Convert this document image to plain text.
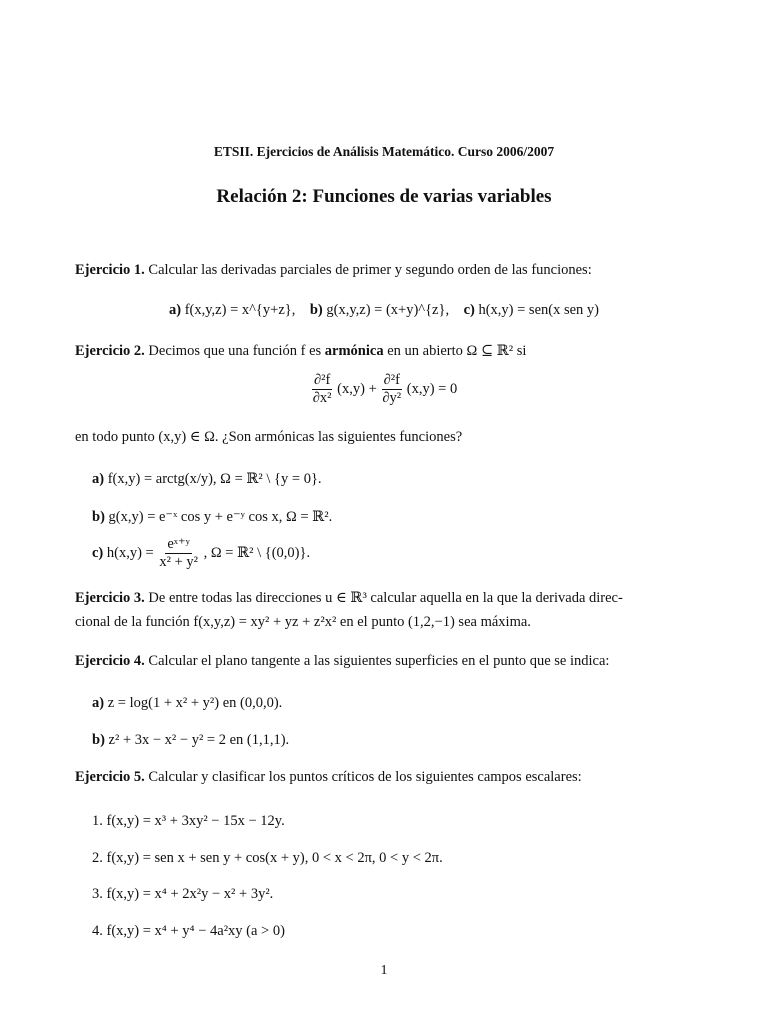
ETSII. Ejercicios de Análisis Matemático. Curso 2006/2007
Relación 2: Funciones de varias variables
Ejercicio 1. Calcular las derivadas parciales de primer y segundo orden de las funciones:
a) f(x,y,z) = x^{y+z}, b) g(x,y,z) = (x+y)^{z}, c) h(x,y) = sen(x sen y)
Ejercicio 2. Decimos que una función f es armónica en un abierto Ω ⊆ ℝ² si
$\frac{\text{∂²f}}{\text{∂x²}} (x,y) + \frac{\text{∂²f}}{\text{∂y²}} (x,y) = 0$
en todo punto (x,y) ∈ Ω. ¿Son armónicas las siguientes funciones?
a) f(x,y) = arctg(x/y), Ω = ℝ² \ {y = 0}.
b) g(x,y) = e⁻ˣ cos y + e⁻ʸ cos x, Ω = ℝ².
c) $h(x,y) = \frac{\text{eˣ⁺ʸ}}{\text{x² + y²}}$ , Ω = ℝ² \ {(0,0)}.
Ejercicio 3. De entre todas las direcciones u ∈ ℝ³ calcular aquella en la que la derivada direc-
cional de la función f(x,y,z) = xy² + yz + z²x² en el punto (1,2,−1) sea máxima.
Ejercicio 4. Calcular el plano tangente a las siguientes superficies en el punto que se indica:
a) z = log(1 + x² + y²) en (0,0,0).
b) z² + 3x − x² − y² = 2 en (1,1,1).
Ejercicio 5. Calcular y clasificar los puntos críticos de los siguientes campos escalares:
1. f(x,y) = x³ + 3xy² − 15x − 12y.
2. f(x,y) = sen x + sen y + cos(x + y), 0 < x < 2π, 0 < y < 2π.
3. f(x,y) = x⁴ + 2x²y − x² + 3y².
4. f(x,y) = x⁴ + y⁴ − 4a²xy (a > 0)
1
